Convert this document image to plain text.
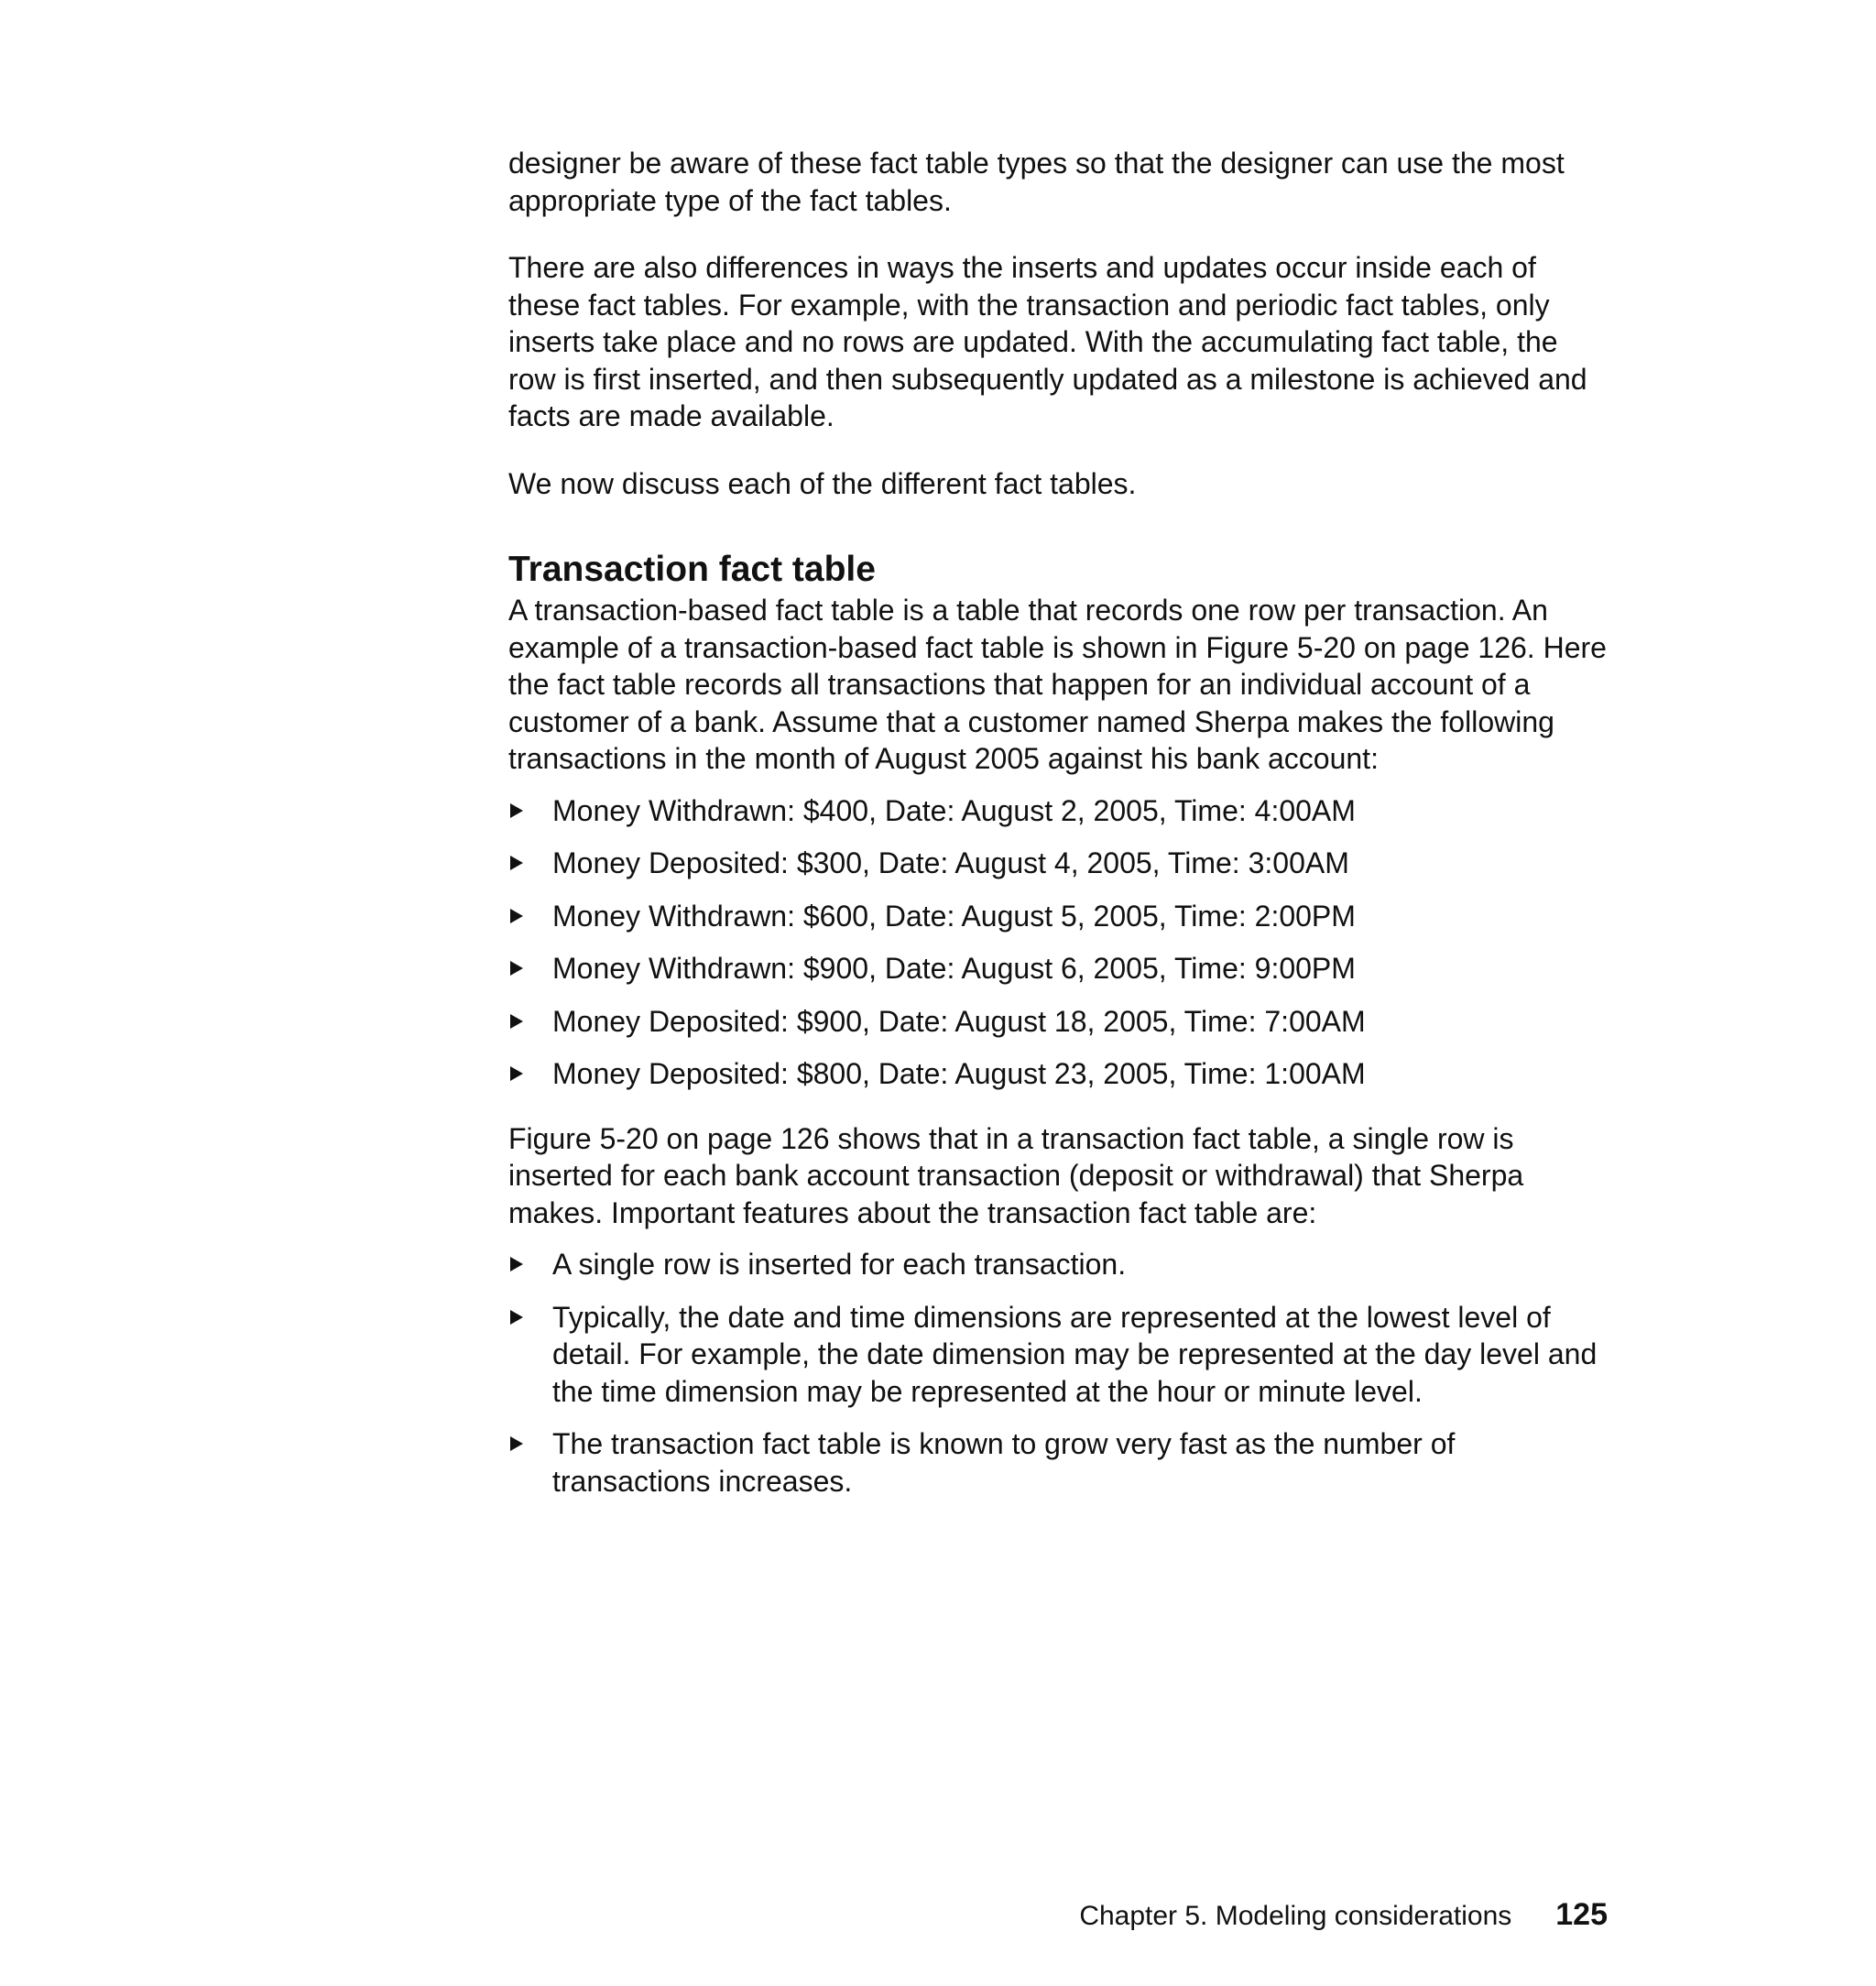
designer be aware of these fact table types so that the designer can use the most appropriate type of the fact tables.

There are also differences in ways the inserts and updates occur inside each of these fact tables. For example, with the transaction and periodic fact tables, only inserts take place and no rows are updated. With the accumulating fact table, the row is first inserted, and then subsequently updated as a milestone is achieved and facts are made available.

We now discuss each of the different fact tables.

Transaction fact table

A transaction-based fact table is a table that records one row per transaction. An example of a transaction-based fact table is shown in Figure 5-20 on page 126. Here the fact table records all transactions that happen for an individual account of a customer of a bank. Assume that a customer named Sherpa makes the following transactions in the month of August 2005 against his bank account:

Money Withdrawn: $400, Date: August 2, 2005, Time: 4:00AM
Money Deposited: $300, Date: August 4, 2005, Time: 3:00AM
Money Withdrawn: $600, Date: August 5, 2005, Time: 2:00PM
Money Withdrawn: $900, Date: August 6, 2005, Time: 9:00PM
Money Deposited: $900, Date: August 18, 2005, Time: 7:00AM
Money Deposited: $800, Date: August 23, 2005, Time: 1:00AM

Figure 5-20 on page 126 shows that in a transaction fact table, a single row is inserted for each bank account transaction (deposit or withdrawal) that Sherpa makes. Important features about the transaction fact table are:

A single row is inserted for each transaction.
Typically, the date and time dimensions are represented at the lowest level of detail. For example, the date dimension may be represented at the day level and the time dimension may be represented at the hour or minute level.
The transaction fact table is known to grow very fast as the number of transactions increases.
Chapter 5. Modeling considerations 125
